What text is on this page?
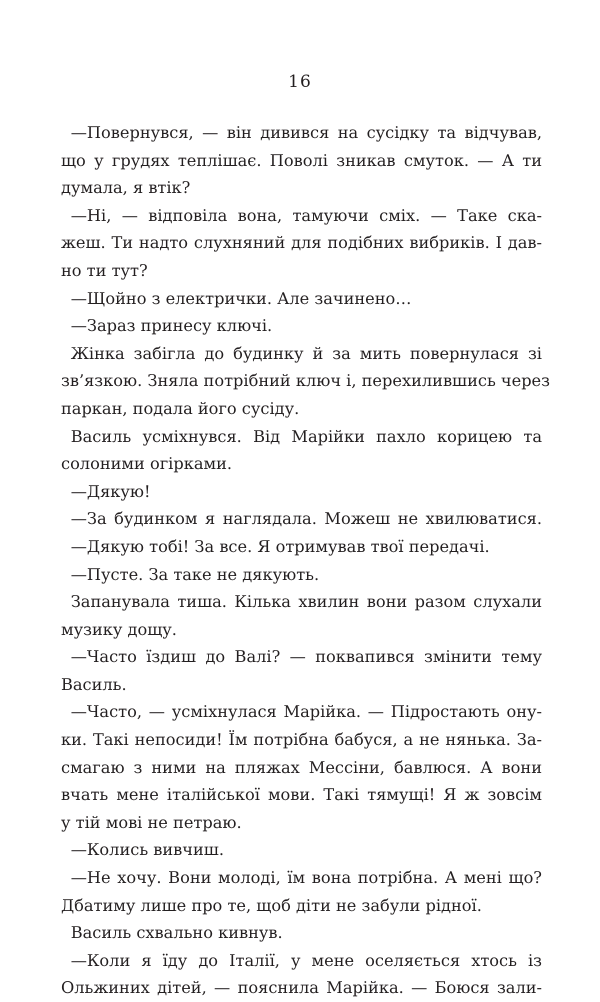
16
—Повернувся, — він дивився на сусідку та відчував,
що у грудях теплішає. Поволі зникав смуток. — А ти
думала, я втік?
—Ні, — відповіла вона, тамуючи сміх. — Таке ска-
жеш. Ти надто слухняний для подібних вибриків. І дав-
но ти тут?
—Щойно з електрички. Але зачинено…
—Зараз принесу ключі.
Жінка забігла до будинку й за мить повернулася зі
зв’язкою. Зняла потрібний ключ і, перехилившись через
паркан, подала його сусіду.
Василь усміхнувся. Від Марійки пахло корицею та
солоними огірками.
—Дякую!
—За будинком я наглядала. Можеш не хвилюватися.
—Дякую тобі! За все. Я отримував твої передачі.
—Пусте. За таке не дякують.
Запанувала тиша. Кілька хвилин вони разом слухали
музику дощу.
—Часто їздиш до Валі? — поквапився змінити тему
Василь.
—Часто, — усміхнулася Марійка. — Підростають ону-
ки. Такі непосиди! Їм потрібна бабуся, а не нянька. За-
смагаю з ними на пляжах Мессіни, бавлюся. А вони
вчать мене італійської мови. Такі тямущі! Я ж зовсім
у тій мові не петраю.
—Колись вивчиш.
—Не хочу. Вони молоді, їм вона потрібна. А мені що?
Дбатиму лише про те, щоб діти не забули рідної.
Василь схвально кивнув.
—Коли я їду до Італії, у мене оселяється хтось із
Ольжиних дітей, — пояснила Марійка. — Боюся зали-
